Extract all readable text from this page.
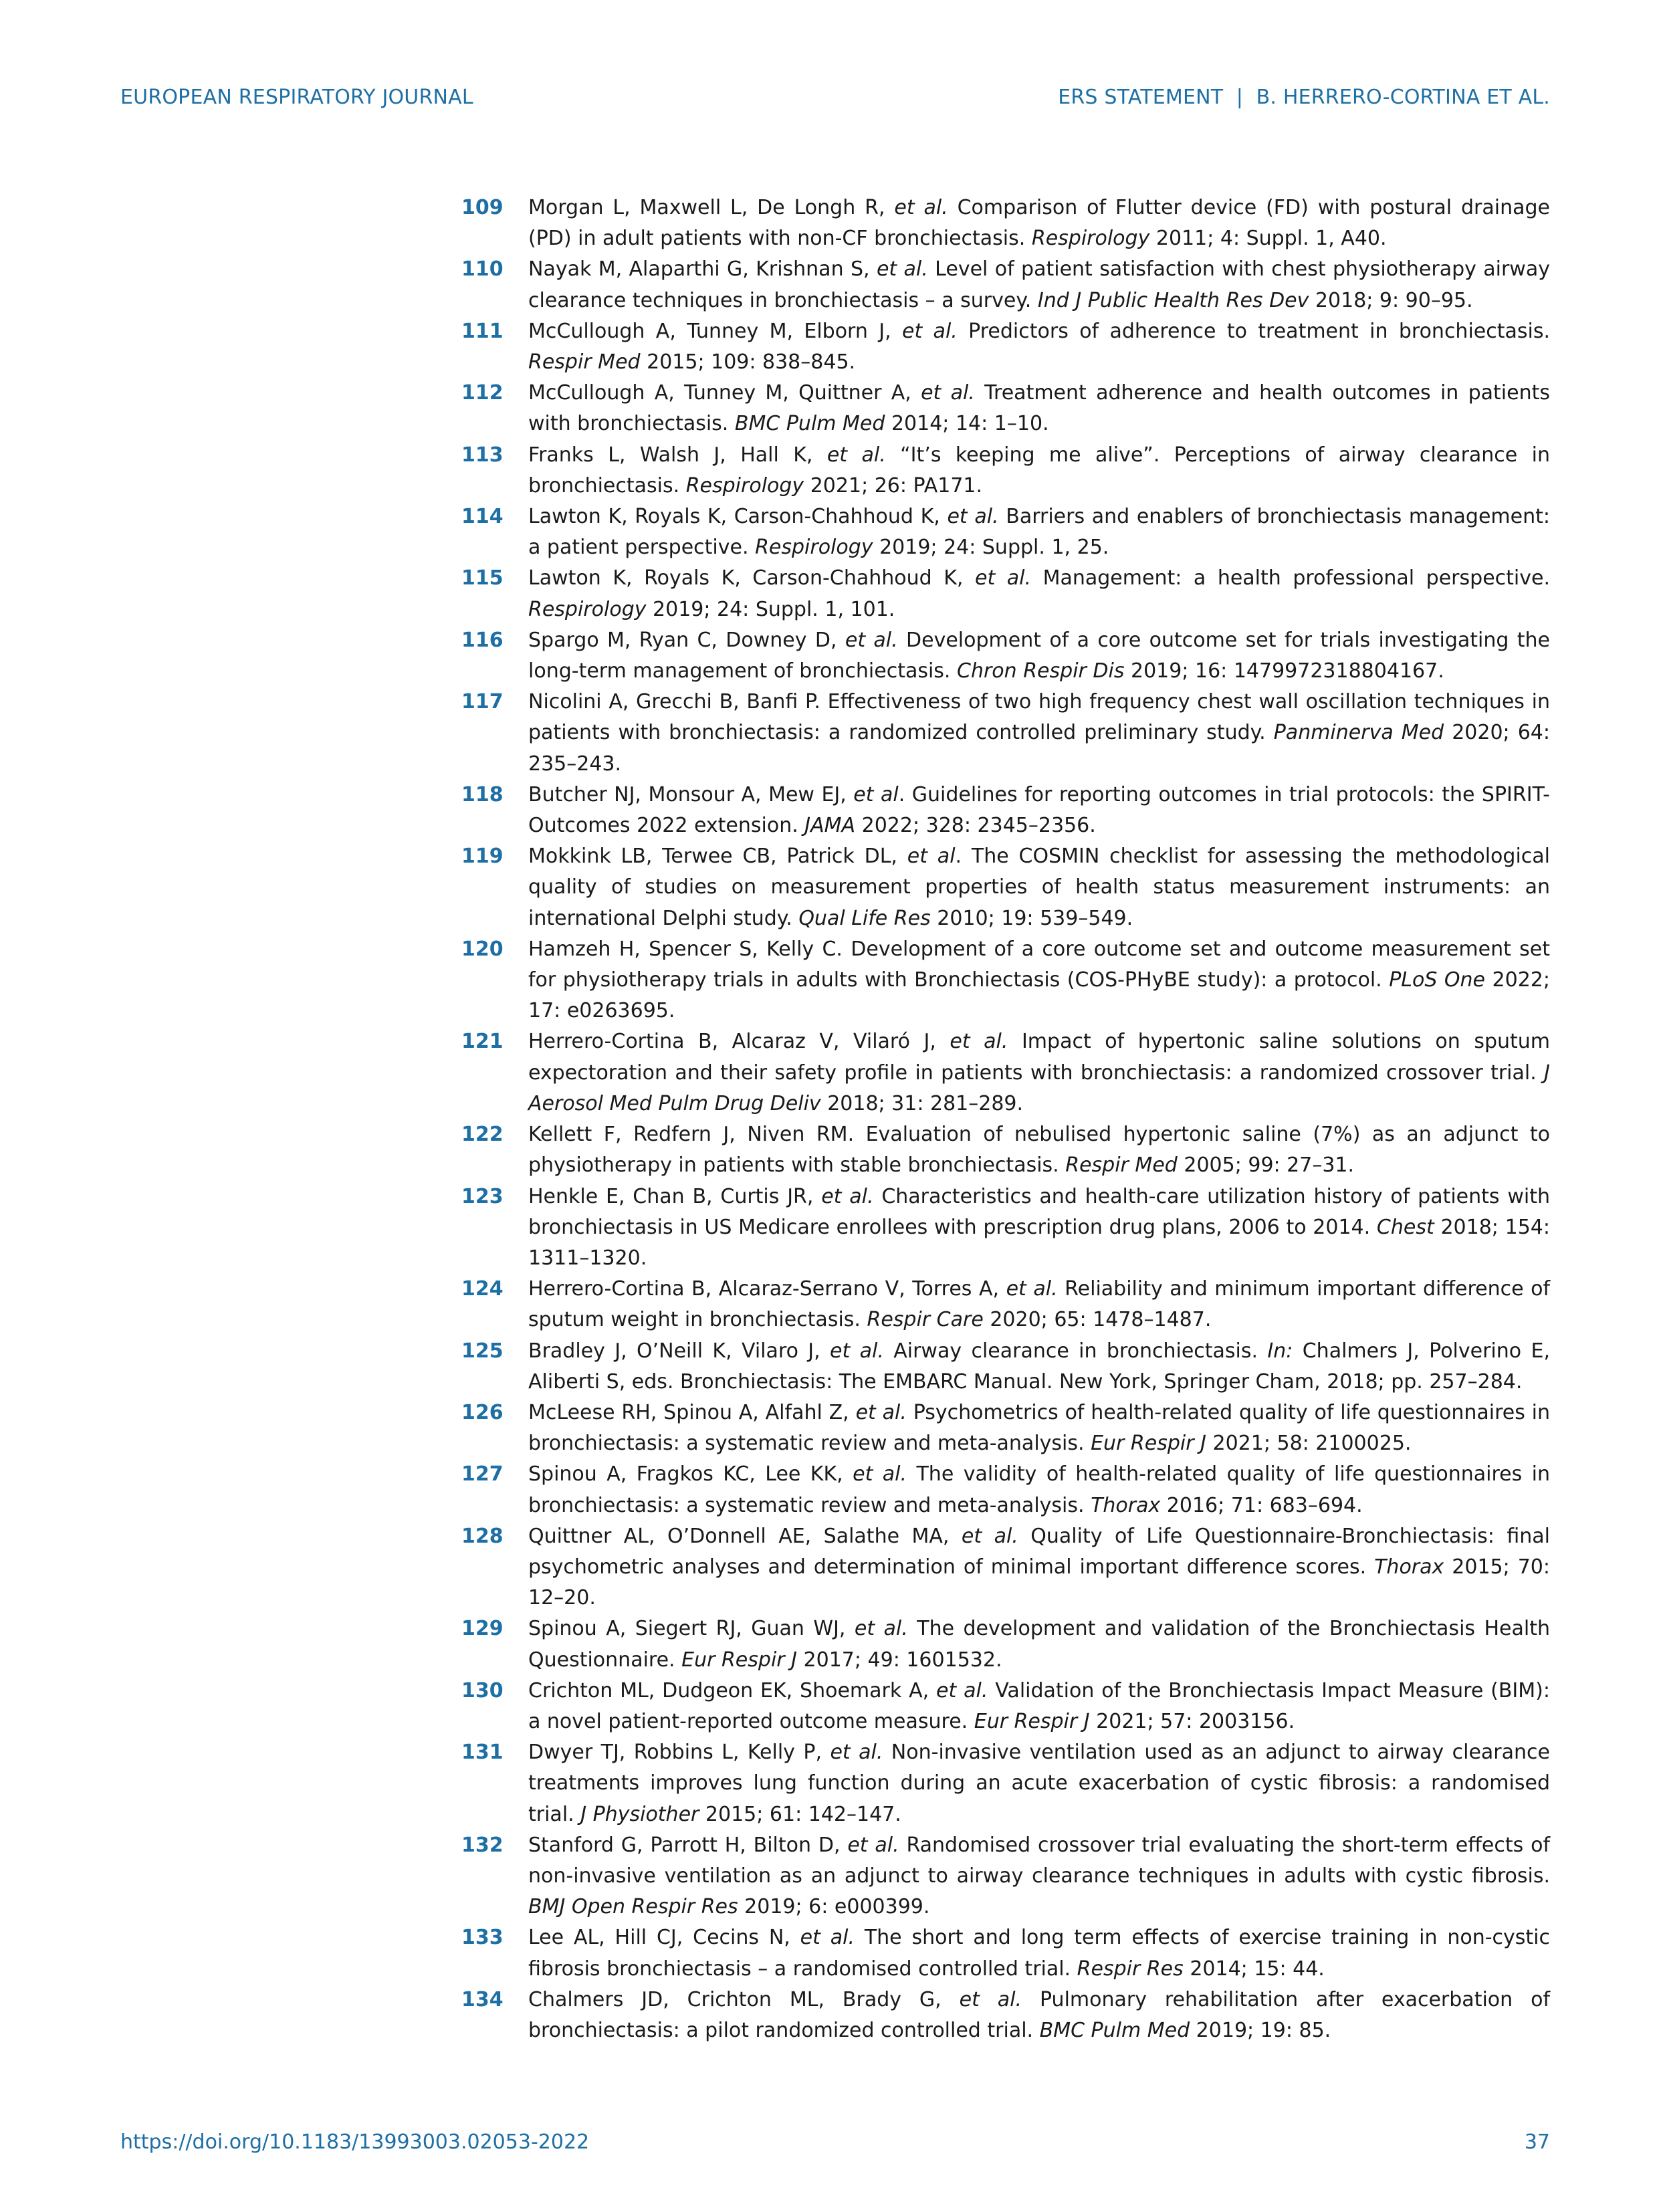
EUROPEAN RESPIRATORY JOURNAL	ERS STATEMENT  |  B. HERRERO-CORTINA ET AL.
109 Morgan L, Maxwell L, De Longh R, et al. Comparison of Flutter device (FD) with postural drainage (PD) in adult patients with non-CF bronchiectasis. Respirology 2011; 4: Suppl. 1, A40.
110 Nayak M, Alaparthi G, Krishnan S, et al. Level of patient satisfaction with chest physiotherapy airway clearance techniques in bronchiectasis – a survey. Ind J Public Health Res Dev 2018; 9: 90–95.
111 McCullough A, Tunney M, Elborn J, et al. Predictors of adherence to treatment in bronchiectasis. Respir Med 2015; 109: 838–845.
112 McCullough A, Tunney M, Quittner A, et al. Treatment adherence and health outcomes in patients with bronchiectasis. BMC Pulm Med 2014; 14: 1–10.
113 Franks L, Walsh J, Hall K, et al. “It’s keeping me alive”. Perceptions of airway clearance in bronchiectasis. Respirology 2021; 26: PA171.
114 Lawton K, Royals K, Carson-Chahhoud K, et al. Barriers and enablers of bronchiectasis management: a patient perspective. Respirology 2019; 24: Suppl. 1, 25.
115 Lawton K, Royals K, Carson-Chahhoud K, et al. Management: a health professional perspective. Respirology 2019; 24: Suppl. 1, 101.
116 Spargo M, Ryan C, Downey D, et al. Development of a core outcome set for trials investigating the long-term management of bronchiectasis. Chron Respir Dis 2019; 16: 1479972318804167.
117 Nicolini A, Grecchi B, Banfi P. Effectiveness of two high frequency chest wall oscillation techniques in patients with bronchiectasis: a randomized controlled preliminary study. Panminerva Med 2020; 64: 235–243.
118 Butcher NJ, Monsour A, Mew EJ, et al. Guidelines for reporting outcomes in trial protocols: the SPIRIT-Outcomes 2022 extension. JAMA 2022; 328: 2345–2356.
119 Mokkink LB, Terwee CB, Patrick DL, et al. The COSMIN checklist for assessing the methodological quality of studies on measurement properties of health status measurement instruments: an international Delphi study. Qual Life Res 2010; 19: 539–549.
120 Hamzeh H, Spencer S, Kelly C. Development of a core outcome set and outcome measurement set for physiotherapy trials in adults with Bronchiectasis (COS-PHyBE study): a protocol. PLoS One 2022; 17: e0263695.
121 Herrero-Cortina B, Alcaraz V, Vilaró J, et al. Impact of hypertonic saline solutions on sputum expectoration and their safety profile in patients with bronchiectasis: a randomized crossover trial. J Aerosol Med Pulm Drug Deliv 2018; 31: 281–289.
122 Kellett F, Redfern J, Niven RM. Evaluation of nebulised hypertonic saline (7%) as an adjunct to physiotherapy in patients with stable bronchiectasis. Respir Med 2005; 99: 27–31.
123 Henkle E, Chan B, Curtis JR, et al. Characteristics and health-care utilization history of patients with bronchiectasis in US Medicare enrollees with prescription drug plans, 2006 to 2014. Chest 2018; 154: 1311–1320.
124 Herrero-Cortina B, Alcaraz-Serrano V, Torres A, et al. Reliability and minimum important difference of sputum weight in bronchiectasis. Respir Care 2020; 65: 1478–1487.
125 Bradley J, O’Neill K, Vilaro J, et al. Airway clearance in bronchiectasis. In: Chalmers J, Polverino E, Aliberti S, eds. Bronchiectasis: The EMBARC Manual. New York, Springer Cham, 2018; pp. 257–284.
126 McLeese RH, Spinou A, Alfahl Z, et al. Psychometrics of health-related quality of life questionnaires in bronchiectasis: a systematic review and meta-analysis. Eur Respir J 2021; 58: 2100025.
127 Spinou A, Fragkos KC, Lee KK, et al. The validity of health-related quality of life questionnaires in bronchiectasis: a systematic review and meta-analysis. Thorax 2016; 71: 683–694.
128 Quittner AL, O’Donnell AE, Salathe MA, et al. Quality of Life Questionnaire-Bronchiectasis: final psychometric analyses and determination of minimal important difference scores. Thorax 2015; 70: 12–20.
129 Spinou A, Siegert RJ, Guan WJ, et al. The development and validation of the Bronchiectasis Health Questionnaire. Eur Respir J 2017; 49: 1601532.
130 Crichton ML, Dudgeon EK, Shoemark A, et al. Validation of the Bronchiectasis Impact Measure (BIM): a novel patient-reported outcome measure. Eur Respir J 2021; 57: 2003156.
131 Dwyer TJ, Robbins L, Kelly P, et al. Non-invasive ventilation used as an adjunct to airway clearance treatments improves lung function during an acute exacerbation of cystic fibrosis: a randomised trial. J Physiother 2015; 61: 142–147.
132 Stanford G, Parrott H, Bilton D, et al. Randomised crossover trial evaluating the short-term effects of non-invasive ventilation as an adjunct to airway clearance techniques in adults with cystic fibrosis. BMJ Open Respir Res 2019; 6: e000399.
133 Lee AL, Hill CJ, Cecins N, et al. The short and long term effects of exercise training in non-cystic fibrosis bronchiectasis – a randomised controlled trial. Respir Res 2014; 15: 44.
134 Chalmers JD, Crichton ML, Brady G, et al. Pulmonary rehabilitation after exacerbation of bronchiectasis: a pilot randomized controlled trial. BMC Pulm Med 2019; 19: 85.
https://doi.org/10.1183/13993003.02053-2022	37
